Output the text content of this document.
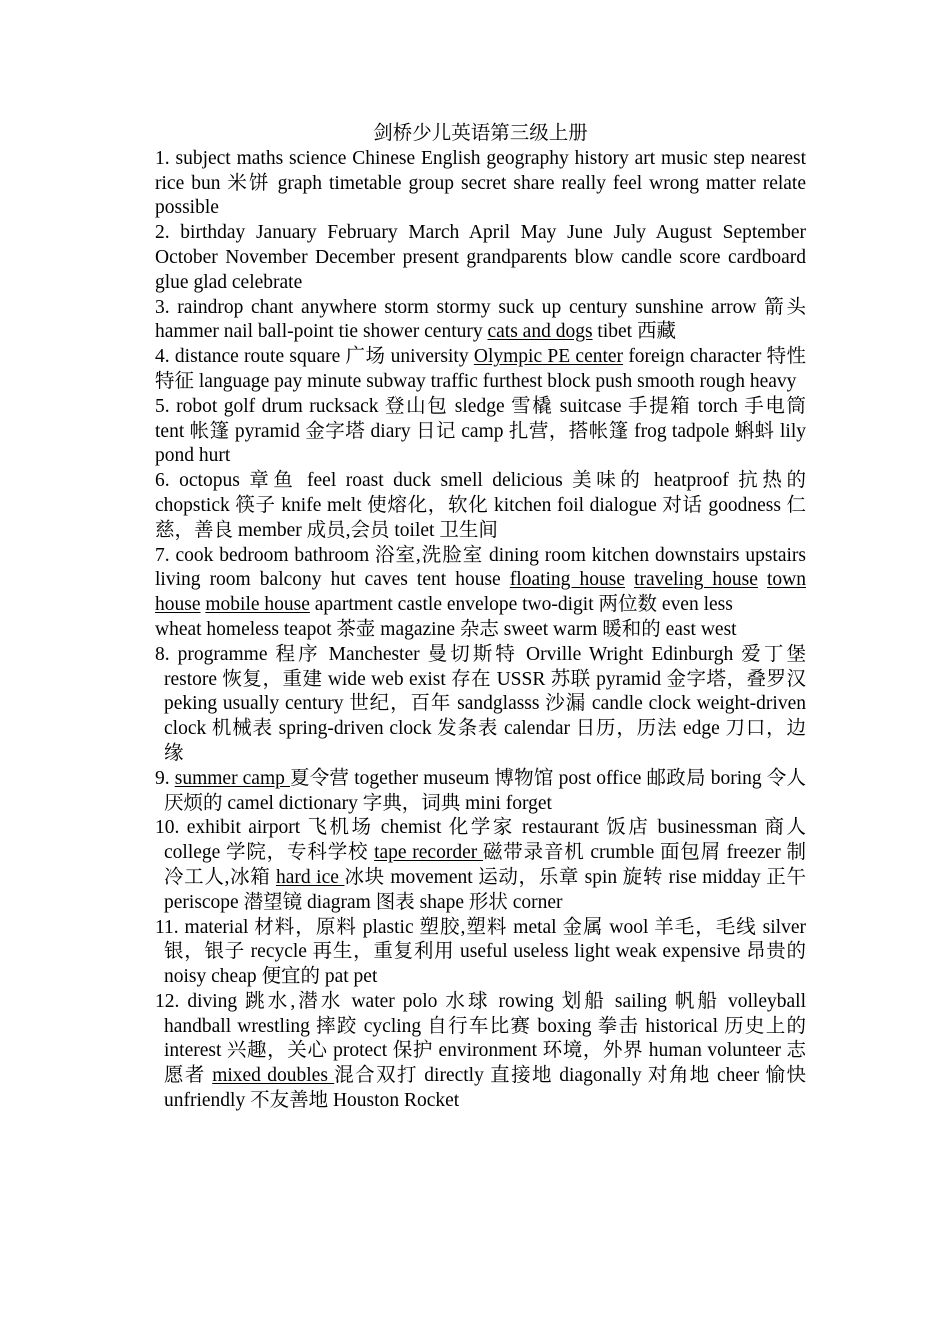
剑桥少儿英语第三级上册

1. subject maths science Chinese English geography history art music step nearest rice bun 米饼 graph timetable group secret share really feel wrong matter relate possible

2. birthday January February March April May June July August September October November December present grandparents blow candle score cardboard glue glad celebrate

3. raindrop chant anywhere storm stormy suck up century sunshine arrow 箭头 hammer nail ball-point tie shower century cats and dogs tibet 西藏

4. distance route square 广场 university Olympic PE center foreign character 特性特征 language pay minute subway traffic furthest block push smooth rough heavy

5. robot golf drum rucksack 登山包 sledge 雪橇 suitcase 手提箱 torch 手电筒 tent 帐篷 pyramid 金字塔 diary 日记 camp 扎营，搭帐篷 frog tadpole 蝌蚪 lily pond hurt

6. octopus 章鱼 feel roast duck smell delicious 美味的 heatproof 抗热的 chopstick 筷子 knife melt 使熔化，软化 kitchen foil dialogue 对话 goodness 仁慈，善良 member 成员,会员 toilet 卫生间

7. cook bedroom bathroom 浴室,洗脸室 dining room kitchen downstairs upstairs living room balcony hut caves tent house floating house traveling house town house mobile house apartment castle envelope two-digit 两位数 even less

wheat homeless teapot 茶壶 magazine 杂志 sweet warm 暖和的 east west

8. programme 程序 Manchester 曼切斯特 Orville Wright Edinburgh 爱丁堡 restore 恢复，重建 wide web exist 存在 USSR 苏联 pyramid 金字塔，叠罗汉 peking usually century 世纪，百年 sandglasss 沙漏 candle clock weight-driven clock 机械表 spring-driven clock 发条表 calendar 日历，历法 edge 刀口，边缘

9. summer camp 夏令营 together museum 博物馆 post office 邮政局 boring 令人厌烦的 camel dictionary 字典，词典 mini forget

10. exhibit airport 飞机场 chemist 化学家 restaurant 饭店 businessman 商人 college 学院，专科学校 tape recorder 磁带录音机 crumble 面包屑 freezer 制冷工人,冰箱 hard ice 冰块 movement 运动，乐章 spin 旋转 rise midday 正午 periscope 潜望镜 diagram 图表 shape 形状 corner

11. material 材料，原料 plastic 塑胶,塑料 metal 金属 wool 羊毛，毛线 silver 银，银子 recycle 再生，重复利用 useful useless light weak expensive 昂贵的 noisy cheap 便宜的 pat pet

12. diving 跳水,潜水 water polo 水球 rowing 划船 sailing 帆船 volleyball handball wrestling 摔跤 cycling 自行车比赛 boxing 拳击 historical 历史上的 interest 兴趣，关心 protect 保护 environment 环境，外界 human volunteer 志愿者 mixed doubles 混合双打 directly 直接地 diagonally 对角地 cheer 愉快 unfriendly 不友善地 Houston Rocket
